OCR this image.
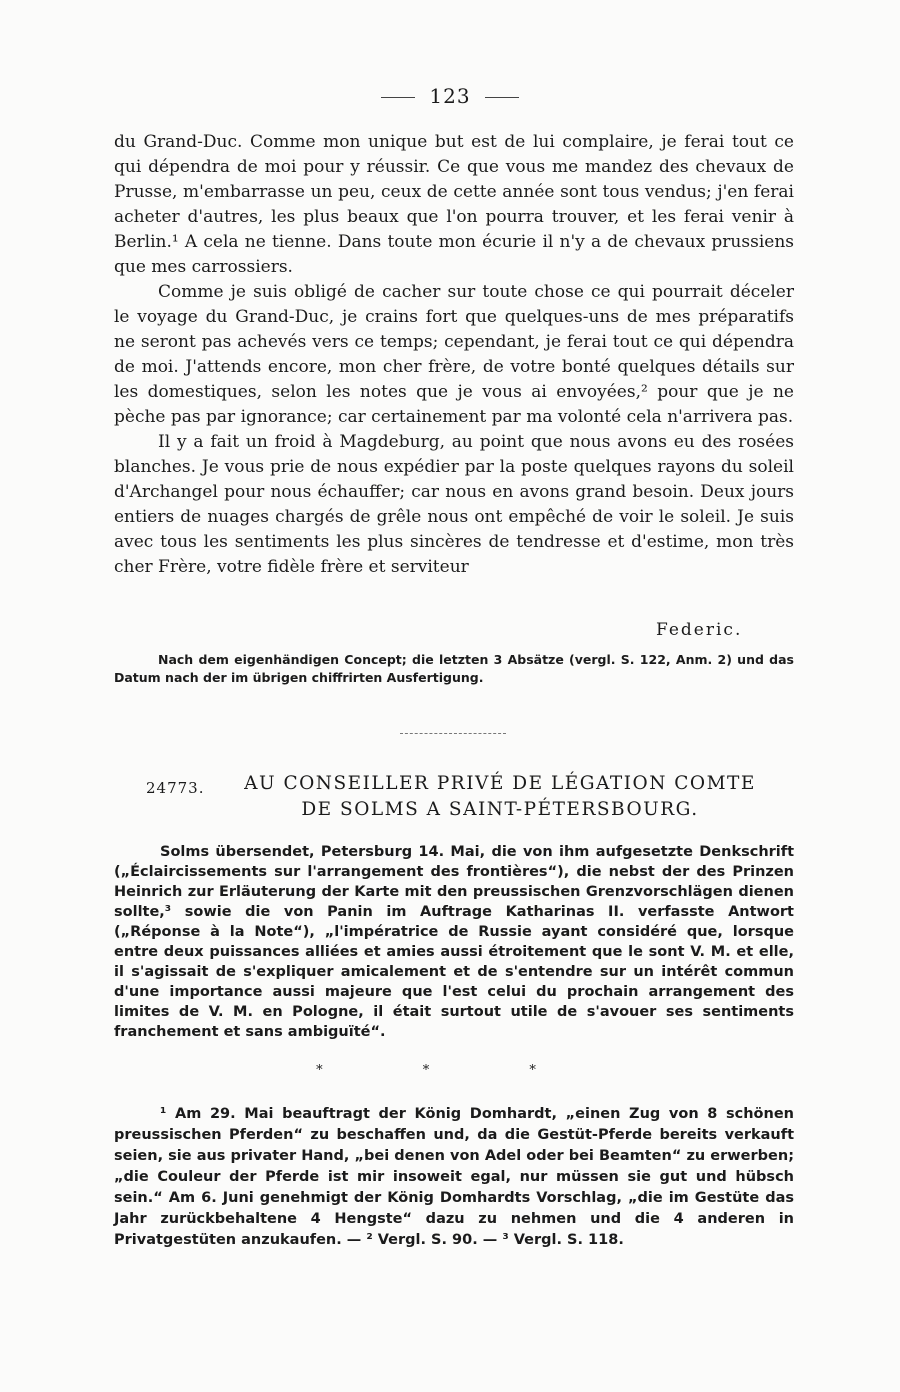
123

du Grand-Duc. Comme mon unique but est de lui complaire, je ferai tout ce qui dépendra de moi pour y réussir. Ce que vous me mandez des chevaux de Prusse, m'embarrasse un peu, ceux de cette année sont tous vendus; j'en ferai acheter d'autres, les plus beaux que l'on pourra trouver, et les ferai venir à Berlin.¹ A cela ne tienne. Dans toute mon écurie il n'y a de chevaux prussiens que mes carrossiers.

Comme je suis obligé de cacher sur toute chose ce qui pourrait déceler le voyage du Grand-Duc, je crains fort que quelques-uns de mes préparatifs ne seront pas achevés vers ce temps; cependant, je ferai tout ce qui dépendra de moi. J'attends encore, mon cher frère, de votre bonté quelques détails sur les domestiques, selon les notes que je vous ai envoyées,² pour que je ne pèche pas par ignorance; car certainement par ma volonté cela n'arrivera pas.

Il y a fait un froid à Magdeburg, au point que nous avons eu des rosées blanches. Je vous prie de nous expédier par la poste quelques rayons du soleil d'Archangel pour nous échauffer; car nous en avons grand besoin. Deux jours entiers de nuages chargés de grêle nous ont empêché de voir le soleil. Je suis avec tous les sentiments les plus sincères de tendresse et d'estime, mon très cher Frère, votre fidèle frère et serviteur

Federic.
Nach dem eigenhändigen Concept; die letzten 3 Absätze (vergl. S. 122, Anm. 2) und das Datum nach der im übrigen chiffrirten Ausfertigung.
24773.	AU CONSEILLER PRIVÉ DE LÉGATION COMTE
DE SOLMS A SAINT-PÉTERSBOURG.
Solms übersendet, Petersburg 14. Mai, die von ihm aufgesetzte Denkschrift („Éclaircissements sur l'arrangement des frontières“), die nebst der des Prinzen Heinrich zur Erläuterung der Karte mit den preussischen Grenzvorschlägen dienen sollte,³ sowie die von Panin im Auftrage Katharinas II. verfasste Antwort („Réponse à la Note“), „l'impératrice de Russie ayant considéré que, lorsque entre deux puissances alliées et amies aussi étroitement que le sont V. M. et elle, il s'agissait de s'expliquer amicalement et de s'entendre sur un intérêt commun d'une importance aussi majeure que l'est celui du prochain arrangement des limites de V. M. en Pologne, il était surtout utile de s'avouer ses sentiments franchement et sans ambiguïté“.
* * *
¹ Am 29. Mai beauftragt der König Domhardt, „einen Zug von 8 schönen preussischen Pferden“ zu beschaffen und, da die Gestüt-Pferde bereits verkauft seien, sie aus privater Hand, „bei denen von Adel oder bei Beamten“ zu erwerben; „die Couleur der Pferde ist mir insoweit egal, nur müssen sie gut und hübsch sein.“ Am 6. Juni genehmigt der König Domhardts Vorschlag, „die im Gestüte das Jahr zurückbehaltene 4 Hengste“ dazu zu nehmen und die 4 anderen in Privatgestüten anzukaufen. — ² Vergl. S. 90. — ³ Vergl. S. 118.
